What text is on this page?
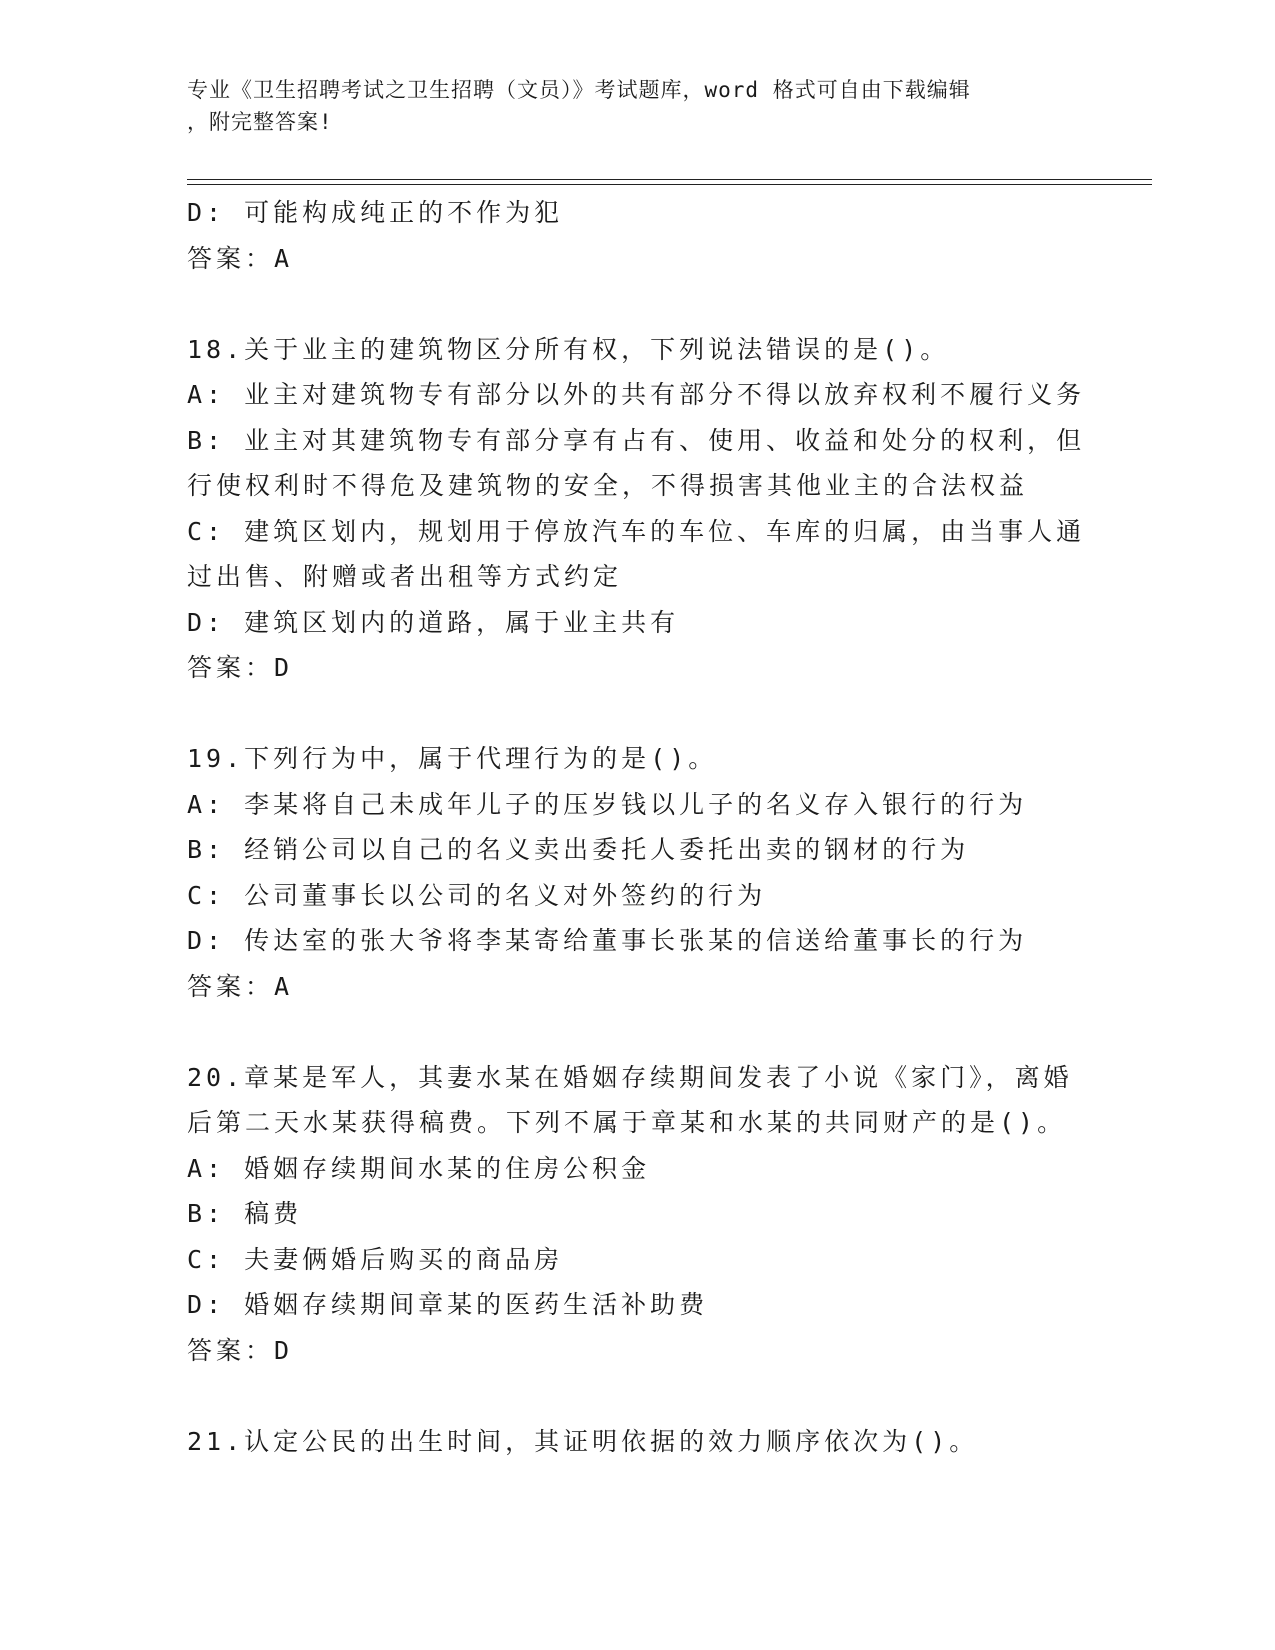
专业《卫生招聘考试之卫生招聘（文员）》考试题库，word 格式可自由下载编辑
，附完整答案!
D: 可能构成纯正的不作为犯
答案：A
18.关于业主的建筑物区分所有权，下列说法错误的是()。
A: 业主对建筑物专有部分以外的共有部分不得以放弃权利不履行义务
B: 业主对其建筑物专有部分享有占有、使用、收益和处分的权利，但
行使权利时不得危及建筑物的安全，不得损害其他业主的合法权益
C: 建筑区划内，规划用于停放汽车的车位、车库的归属，由当事人通
过出售、附赠或者出租等方式约定
D: 建筑区划内的道路，属于业主共有
答案：D
19.下列行为中，属于代理行为的是()。
A: 李某将自己未成年儿子的压岁钱以儿子的名义存入银行的行为
B: 经销公司以自己的名义卖出委托人委托出卖的钢材的行为
C: 公司董事长以公司的名义对外签约的行为
D: 传达室的张大爷将李某寄给董事长张某的信送给董事长的行为
答案：A
20.章某是军人，其妻水某在婚姻存续期间发表了小说《家门》，离婚
后第二天水某获得稿费。下列不属于章某和水某的共同财产的是()。
A: 婚姻存续期间水某的住房公积金
B: 稿费
C: 夫妻俩婚后购买的商品房
D: 婚姻存续期间章某的医药生活补助费
答案：D
21.认定公民的出生时间，其证明依据的效力顺序依次为()。
